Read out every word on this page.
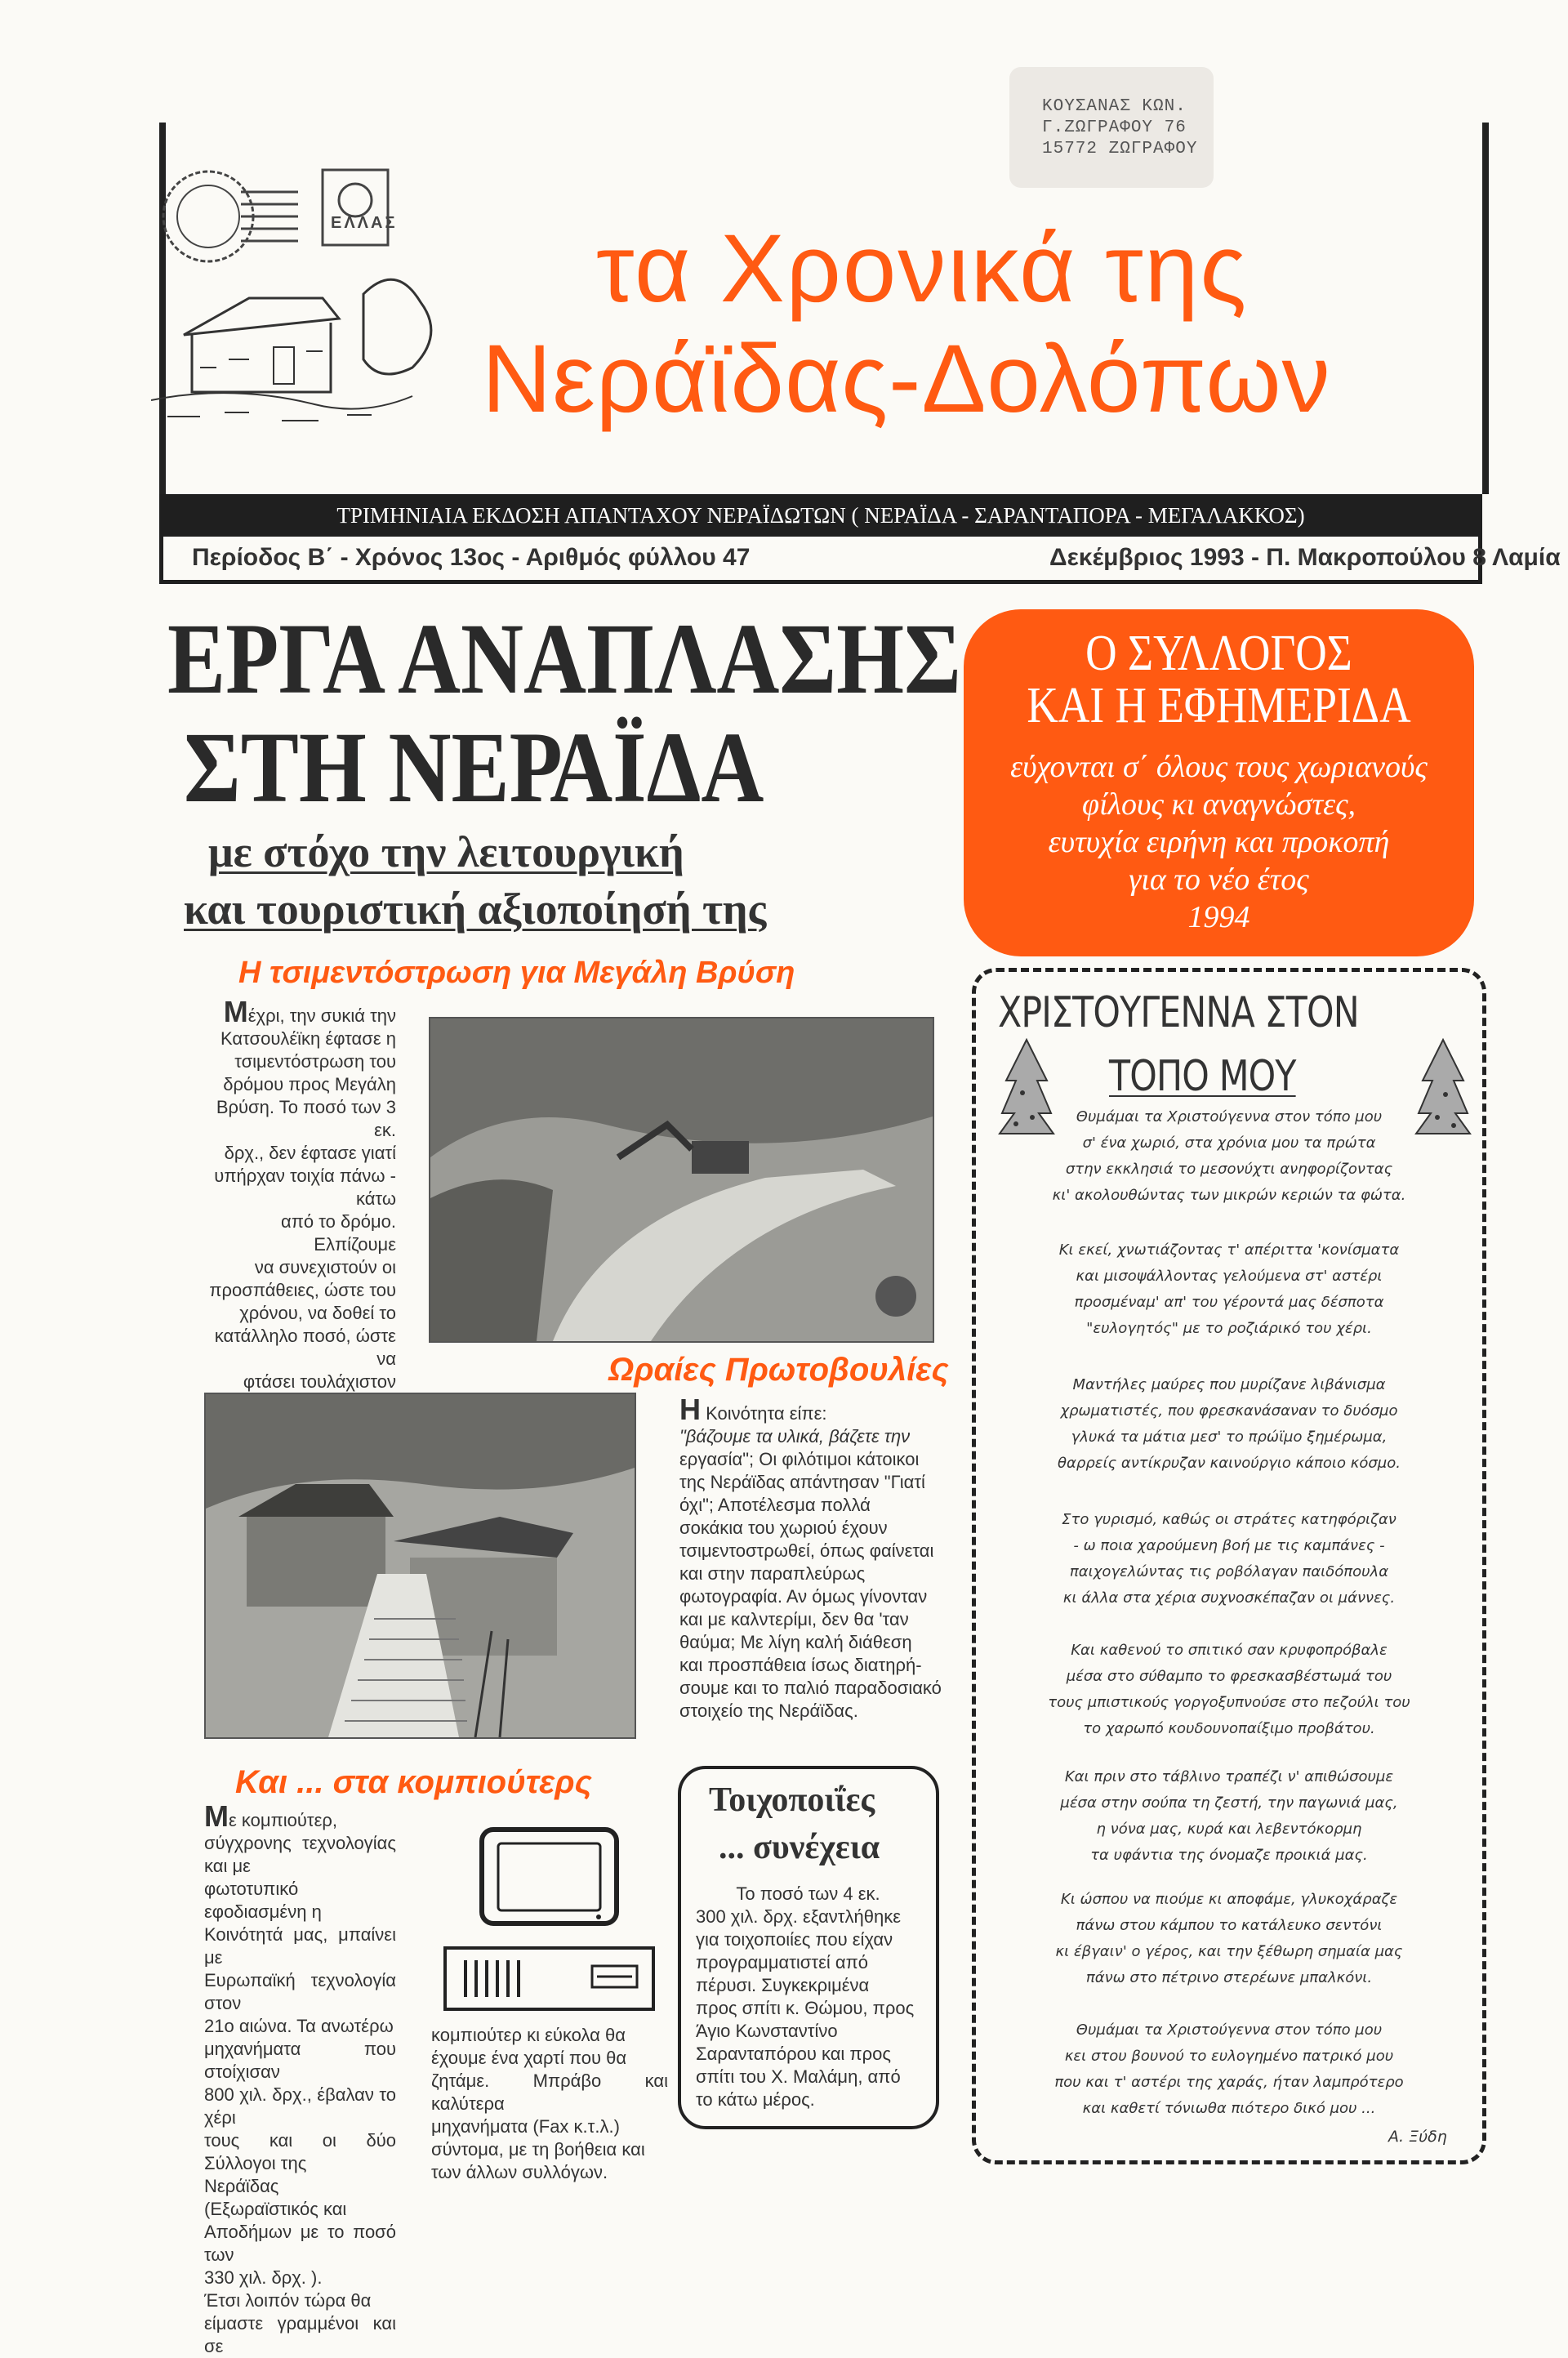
ΚΟΥΣΑΝΑΣ ΚΩΝ.
Γ.ΖΩΓΡΑΦΟΥ 76
15772 ΖΩΓΡΑΦΟΥ
ΕΛΛΑΣ τα Χρονικά της
Νεράϊδας-Δολόπων
ΤΡΙΜΗΝΙΑΙΑ ΕΚΔΟΣΗ ΑΠΑΝΤΑΧΟΥ ΝΕΡΑΪΔΩΤΩΝ ( ΝΕΡΑΪΔΑ - ΣΑΡΑΝΤΑΠΟΡΑ - ΜΕΓΑΛΑΚΚΟΣ)
Περίοδος Β΄ - Χρόνος 13ος - Αριθμός φύλλου 47	Δεκέμβριος 1993 - Π. Μακροπούλου 8 Λαμία
ΕΡΓΑ ΑΝΑΠΛΑΣΗΣ
ΣΤΗ ΝΕΡΑΪΔΑ
με στόχο την λειτουργική
και τουριστική αξιοποίησή της
Η τσιμεντόστρωση για Μεγάλη Βρύση
Μέχρι, την συκιά την
Κατσουλέϊκη έφτασε η
τσιμεντόστρωση του
δρόμου προς Μεγάλη
Βρύση. Το ποσό των 3 εκ.
δρχ., δεν έφτασε γιατί
υπήρχαν τοιχία πάνω - κάτω
από το δρόμο. Ελπίζουμε
να συνεχιστούν οι
προσπάθειες, ώστε του
χρόνου, να δοθεί το
κατάλληλο ποσό, ώστε να
φτάσει τουλάχιστον	Ωραίες Πρωτοβουλίες
Η Κοινότητα είπε:
"βάζουμε τα υλικά, βάζετε την
εργασία"; Οι φιλότιμοι κάτοικοι
της Νεράϊδας απάντησαν "Γιατί
όχι"; Αποτέλεσμα πολλά
σοκάκια του χωριού έχουν
τσιμεντοστρωθεί, όπως φαίνεται
και στην παραπλεύρως
φωτογραφία. Αν όμως γίνονταν
και με καλντερίμι, δεν θα 'ταν
θαύμα; Με λίγη καλή διάθεση
και προσπάθεια ίσως διατηρή-
σουμε και το παλιό παραδοσιακό
στοιχείο της Νεράϊδας.
Και ... στα κομπιούτερς
Με κομπιούτερ,
σύγχρονης τεχνολογίας και με
φωτοτυπικό εφοδιασμένη η
Κοινότητά μας, μπαίνει με
Ευρωπαϊκή τεχνολογία στον
21ο αιώνα. Τα ανωτέρω
μηχανήματα που στοίχισαν
800 χιλ. δρχ., έβαλαν το χέρι
τους και οι δύο Σύλλογοι της
Νεράϊδας (Εξωραϊστικός και
Αποδήμων με το ποσό των
330 χιλ. δρχ. ).
Έτσι λοιπόν τώρα θα
είμαστε γραμμένοι και σε
κομπιούτερ κι εύκολα θα
έχουμε ένα χαρτί που θα
ζητάμε. Μπράβο και καλύτερα
μηχανήματα (Fax κ.τ.λ.)
σύντομα, με τη βοήθεια και
των άλλων συλλόγων.
Τοιχοποιΐες
... συνέχεια
Το ποσό των 4 εκ.
300 χιλ. δρχ. εξαντλήθηκε
για τοιχοποιίες που είχαν
προγραμματιστεί από
πέρυσι. Συγκεκριμένα
προς σπίτι κ. Θώμου, προς
Άγιο Κωνσταντίνο
Σαρανταπόρου και προς
σπίτι του Χ. Μαλάμη, από
το κάτω μέρος.
Ο ΣΥΛΛΟΓΟΣ
ΚΑΙ Η ΕΦΗΜΕΡΙΔΑ
εύχονται σ΄ όλους τους χωριανούς
φίλους κι αναγνώστες,
ευτυχία ειρήνη και προκοπή
για το νέο έτος
1994
ΧΡΙΣΤΟΥΓΕΝΝΑ ΣΤΟΝ
ΤΟΠΟ ΜΟΥ
Θυμάμαι τα Χριστούγεννα στον τόπο μου
σ' ένα χωριό, στα χρόνια μου τα πρώτα
στην εκκλησιά το μεσονύχτι ανηφορίζοντας
κι' ακολουθώντας των μικρών κεριών τα φώτα.
Κι εκεί, χνωτιάζοντας τ' απέριττα 'κονίσματα
και μισοψάλλοντας γελούμενα στ' αστέρι
προσμέναμ' απ' του γέροντά μας δέσποτα
"ευλογητός" με το ροζιάρικό του χέρι.
Μαντήλες μαύρες που μυρίζανε λιβάνισμα
χρωματιστές, που φρεσκανάσαναν το δυόσμο
γλυκά τα μάτια μεσ' το πρώϊμο ξημέρωμα,
θαρρείς αντίκρυζαν καινούργιο κάποιο κόσμο.
Στο γυρισμό, καθώς οι στράτες κατηφόριζαν
- ω ποια χαρούμενη βοή με τις καμπάνες -
παιχογελώντας τις ροβόλαγαν παιδόπουλα
κι άλλα στα χέρια συχνοσκέπαζαν οι μάννες.
Και καθενού το σπιτικό σαν κρυφοπρόβαλε
μέσα στο σύθαμπο το φρεσκασβέστωμά του
τους μπιστικούς γοργοξυπνούσε στο πεζούλι του
το χαρωπό κουδουνοπαίξιμο προβάτου.
Και πριν στο τάβλινο τραπέζι ν' απιθώσουμε
μέσα στην σούπα τη ζεστή, την παγωνιά μας,
η νόνα μας, κυρά και λεβεντόκορμη
τα υφάντια της όνομαζε προικιά μας.
Κι ώσπου να πιούμε κι αποφάμε, γλυκοχάραζε
πάνω στου κάμπου το κατάλευκο σεντόνι
κι έβγαιν' ο γέρος, και την ξέθωρη σημαία μας
πάνω στο πέτρινο στερέωνε μπαλκόνι.
Θυμάμαι τα Χριστούγεννα στον τόπο μου
κει στου βουνού το ευλογημένο πατρικό μου
που και τ' αστέρι της χαράς, ήταν λαμπρότερο
και καθετί τόνιωθα πιότερο δικό μου ...
Α. Ξύδη
